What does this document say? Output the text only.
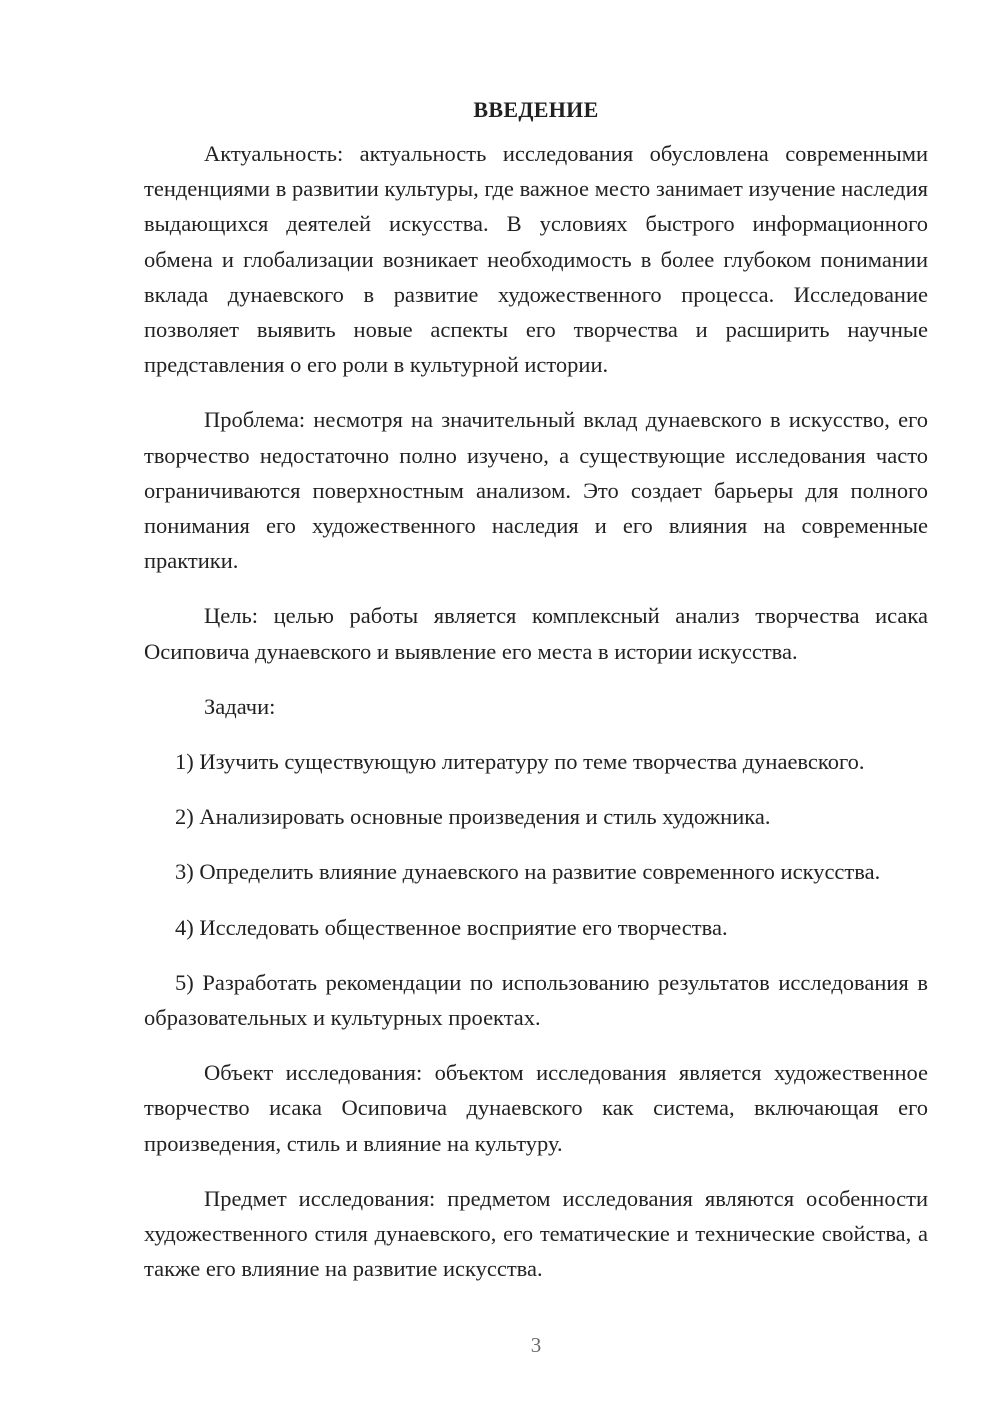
ВВЕДЕНИЕ

Актуальность: актуальность исследования обусловлена современными тенденциями в развитии культуры, где важное место занимает изучение наследия выдающихся деятелей искусства. В условиях быстрого информационного обмена и глобализации возникает необходимость в более глубоком понимании вклада дунаевского в развитие художественного процесса. Исследование позволяет выявить новые аспекты его творчества и расширить научные представления о его роли в культурной истории.

Проблема: несмотря на значительный вклад дунаевского в искусство, его творчество недостаточно полно изучено, а существующие исследования часто ограничиваются поверхностным анализом. Это создает барьеры для полного понимания его художественного наследия и его влияния на современные практики.

Цель: целью работы является комплексный анализ творчества исака Осиповича дунаевского и выявление его места в истории искусства.

Задачи:

1) Изучить существующую литературу по теме творчества дунаевского.

2) Анализировать основные произведения и стиль художника.

3) Определить влияние дунаевского на развитие современного искусства.

4) Исследовать общественное восприятие его творчества.

5) Разработать рекомендации по использованию результатов исследования в образовательных и культурных проектах.

Объект исследования: объектом исследования является художественное творчество исака Осиповича дунаевского как система, включающая его произведения, стиль и влияние на культуру.

Предмет исследования: предметом исследования являются особенности художественного стиля дунаевского, его тематические и технические свойства, а также его влияние на развитие искусства.

3
